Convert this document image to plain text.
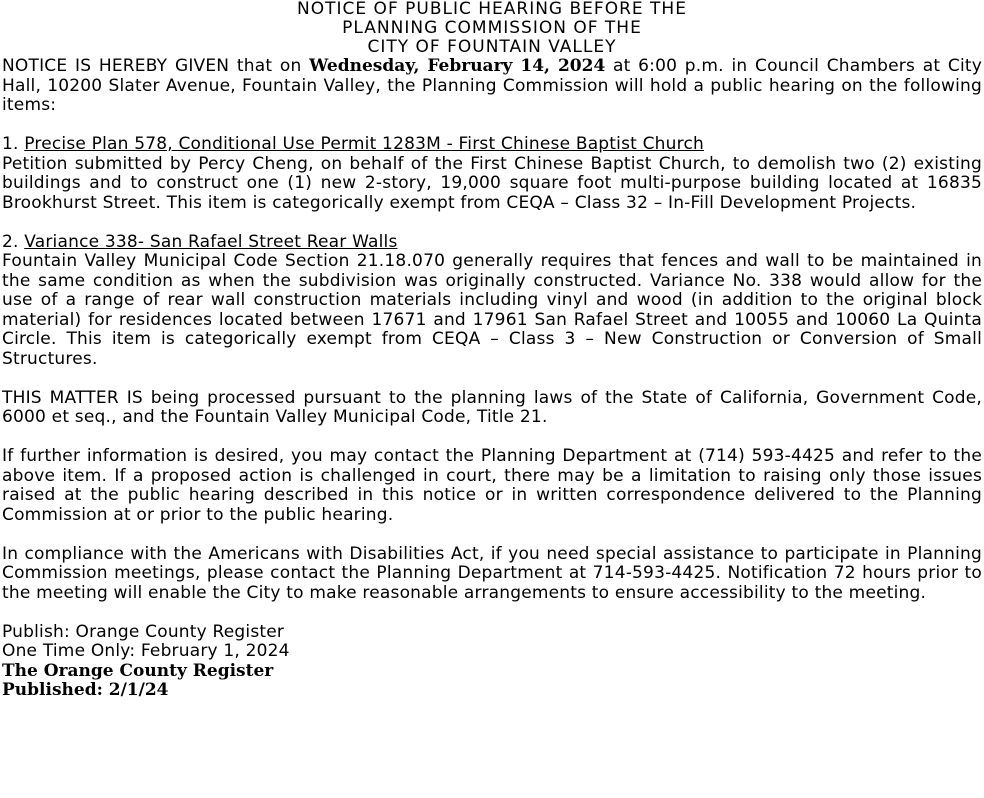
NOTICE OF PUBLIC HEARING BEFORE THE
PLANNING COMMISSION OF THE
CITY OF FOUNTAIN VALLEY

NOTICE IS HEREBY GIVEN that on Wednesday, February 14, 2024 at 6:00 p.m. in Council Chambers at City Hall, 10200 Slater Avenue, Fountain Valley, the Planning Commission will hold a public hearing on the following items:

1. Precise Plan 578, Conditional Use Permit 1283M - First Chinese Baptist Church

Petition submitted by Percy Cheng, on behalf of the First Chinese Baptist Church, to demolish two (2) existing buildings and to construct one (1) new 2-story, 19,000 square foot multi-purpose building located at 16835 Brookhurst Street. This item is categorically exempt from CEQA – Class 32 – In-Fill Development Projects.

2. Variance 338- San Rafael Street Rear Walls

Fountain Valley Municipal Code Section 21.18.070 generally requires that fences and wall to be maintained in the same condition as when the subdivision was originally constructed. Variance No. 338 would allow for the use of a range of rear wall construction materials including vinyl and wood (in addition to the original block material) for residences located between 17671 and 17961 San Rafael Street and 10055 and 10060 La Quinta Circle. This item is categorically exempt from CEQA – Class 3 – New Construction or Conversion of Small Structures.

THIS MATTER IS being processed pursuant to the planning laws of the State of California, Government Code, 6000 et seq., and the Fountain Valley Municipal Code, Title 21.

If further information is desired, you may contact the Planning Department at (714) 593-4425 and refer to the above item. If a proposed action is challenged in court, there may be a limitation to raising only those issues raised at the public hearing described in this notice or in written correspondence delivered to the Planning Commission at or prior to the public hearing.

In compliance with the Americans with Disabilities Act, if you need special assistance to participate in Planning Commission meetings, please contact the Planning Department at 714-593-4425. Notification 72 hours prior to the meeting will enable the City to make reasonable arrangements to ensure accessibility to the meeting.

Publish: Orange County Register
One Time Only: February 1, 2024
The Orange County Register
Published: 2/1/24
